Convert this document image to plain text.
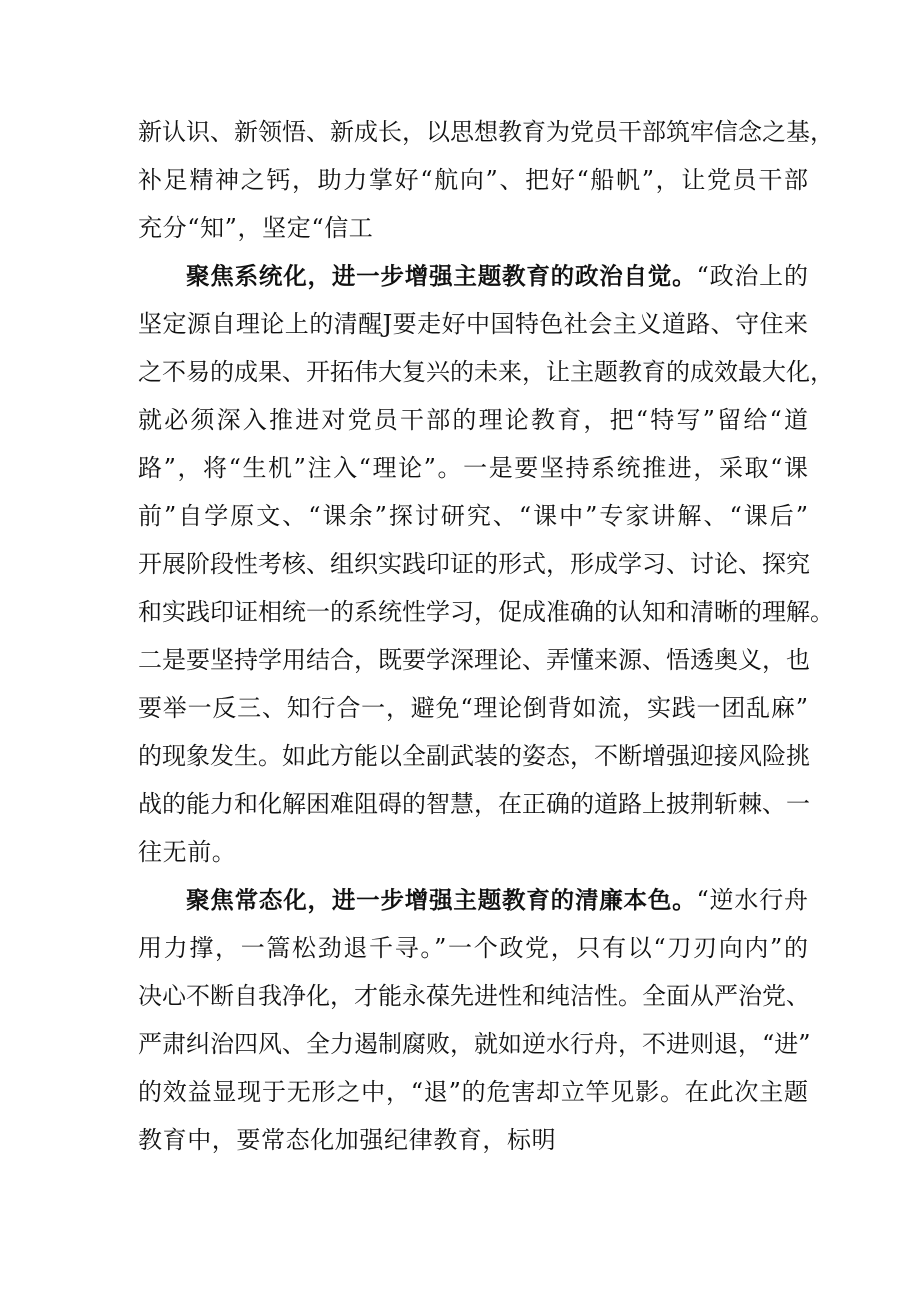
新认识、新领悟、新成长，以思想教育为党员干部筑牢信念之基，
补足精神之钙，助力掌好“航向”、把好“船帆”，让党员干部
充分“知”，坚定“信工
聚焦系统化，进一步增强主题教育的政治自觉。“政治上的
坚定源自理论上的清醒J要走好中国特色社会主义道路、守住来
之不易的成果、开拓伟大复兴的未来，让主题教育的成效最大化，
就必须深入推进对党员干部的理论教育，把“特写”留给“道
路”，将“生机”注入“理论”。一是要坚持系统推进，采取“课
前”自学原文、“课余”探讨研究、“课中”专家讲解、“课后”
开展阶段性考核、组织实践印证的形式，形成学习、讨论、探究
和实践印证相统一的系统性学习，促成准确的认知和清晰的理解。
二是要坚持学用结合，既要学深理论、弄懂来源、悟透奥义，也
要举一反三、知行合一，避免“理论倒背如流，实践一团乱麻”
的现象发生。如此方能以全副武装的姿态，不断增强迎接风险挑
战的能力和化解困难阻碍的智慧，在正确的道路上披荆斩棘、一
往无前。
聚焦常态化，进一步增强主题教育的清廉本色。“逆水行舟
用力撑，一篙松劲退千寻。”一个政党，只有以“刀刃向内”的
决心不断自我净化，才能永葆先进性和纯洁性。全面从严治党、
严肃纠治四风、全力遏制腐败，就如逆水行舟，不进则退，“进”
的效益显现于无形之中，“退”的危害却立竿见影。在此次主题
教育中，要常态化加强纪律教育，标明
